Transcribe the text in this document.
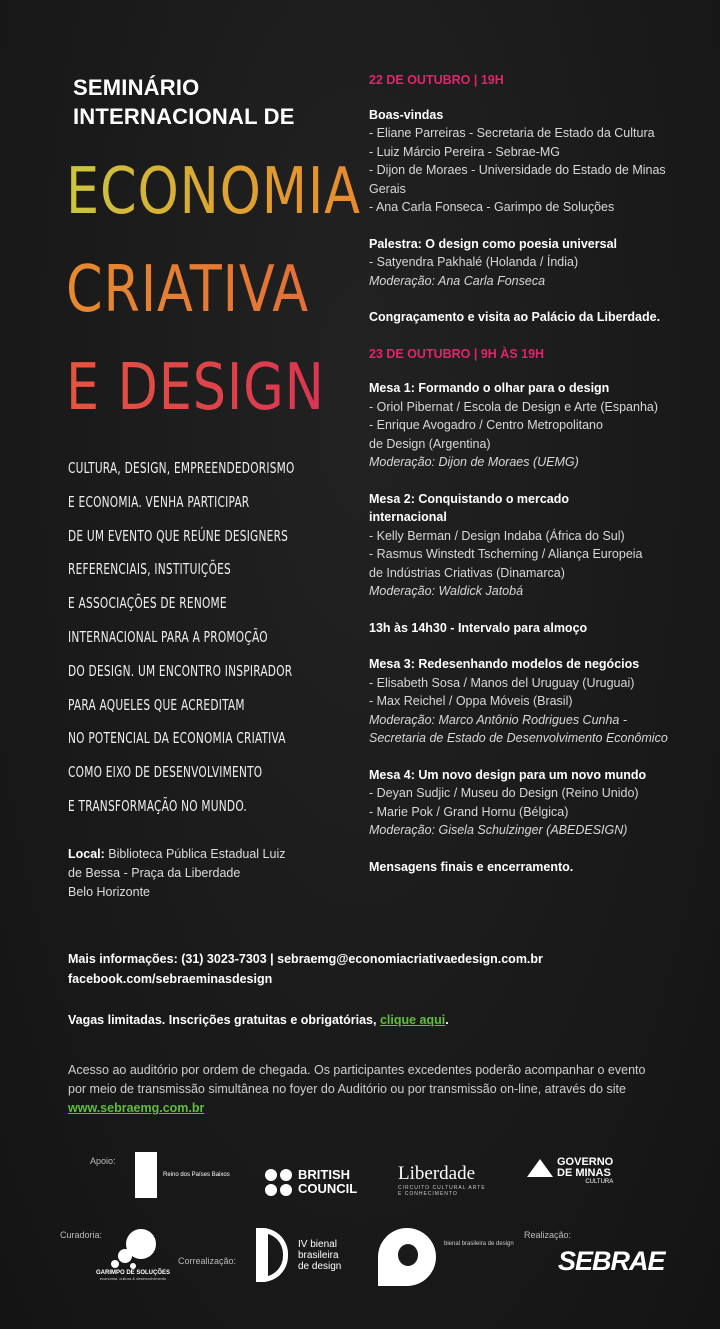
SEMINÁRIO
INTERNACIONAL DE
ECONOMIA
CRIATIVA
E DESIGN
CULTURA, DESIGN, EMPREENDEDORISMO
E ECONOMIA. VENHA PARTICIPAR
DE UM EVENTO QUE REÚNE DESIGNERS
REFERENCIAIS, INSTITUIÇÕES
E ASSOCIAÇÕES DE RENOME
INTERNACIONAL PARA A PROMOÇÃO
DO DESIGN. UM ENCONTRO INSPIRADOR
PARA AQUELES QUE ACREDITAM
NO POTENCIAL DA ECONOMIA CRIATIVA
COMO EIXO DE DESENVOLVIMENTO
E TRANSFORMAÇÃO NO MUNDO.
Local: Biblioteca Pública Estadual Luiz
de Bessa - Praça da Liberdade
Belo Horizonte
22 DE OUTUBRO | 19H
Boas-vindas
- Eliane Parreiras - Secretaria de Estado da Cultura
- Luiz Márcio Pereira - Sebrae-MG
- Dijon de Moraes - Universidade do Estado de Minas
Gerais
- Ana Carla Fonseca - Garimpo de Soluções
Palestra: O design como poesia universal
- Satyendra Pakhalé (Holanda / Índia)
Moderação: Ana Carla Fonseca
Congraçamento e visita ao Palácio da Liberdade.
23 DE OUTUBRO | 9H ÀS 19H
Mesa 1: Formando o olhar para o design
- Oriol Pibernat / Escola de Design e Arte (Espanha)
- Enrique Avogadro / Centro Metropolitano
de Design (Argentina)
Moderação: Dijon de Moraes (UEMG)
Mesa 2: Conquistando o mercado
internacional
- Kelly Berman / Design Indaba (África do Sul)
- Rasmus Winstedt Tscherning / Aliança Europeia
de Indústrias Criativas (Dinamarca)
Moderação: Waldick Jatobá
13h às 14h30 - Intervalo para almoço
Mesa 3: Redesenhando modelos de negócios
- Elisabeth Sosa / Manos del Uruguay (Uruguai)
- Max Reichel / Oppa Móveis (Brasil)
Moderação: Marco Antônio Rodrigues Cunha -
Secretaria de Estado de Desenvolvimento Econômico
Mesa 4: Um novo design para um novo mundo
- Deyan Sudjic / Museu do Design (Reino Unido)
- Marie Pok / Grand Hornu (Bélgica)
Moderação: Gisela Schulzinger (ABEDESIGN)
Mensagens finais e encerramento.
Mais informações: (31) 3023-7303 | sebraemg@economiacriativaedesign.com.br
facebook.com/sebraeminasdesign
Vagas limitadas. Inscrições gratuitas e obrigatórias, clique aqui.
Acesso ao auditório por ordem de chegada. Os participantes excedentes poderão acompanhar o evento
por meio de transmissão simultânea no foyer do Auditório ou por transmissão on-line, através do site
www.sebraemg.com.br
Apoio:
Reino dos Países Baixos	BRITISH
COUNCIL
Liberdade
CIRCUITO CULTURAL ARTE E CONHECIMENTO
GOVERNO
DE MINAS
CULTURA
Curadoria:
GARIMPO DE SOLUÇÕES
economia, cultura & desenvolvimento
Correalização:
IV bienal
brasileira
de design
bienal brasileira de design
Realização:
SEBRAE
